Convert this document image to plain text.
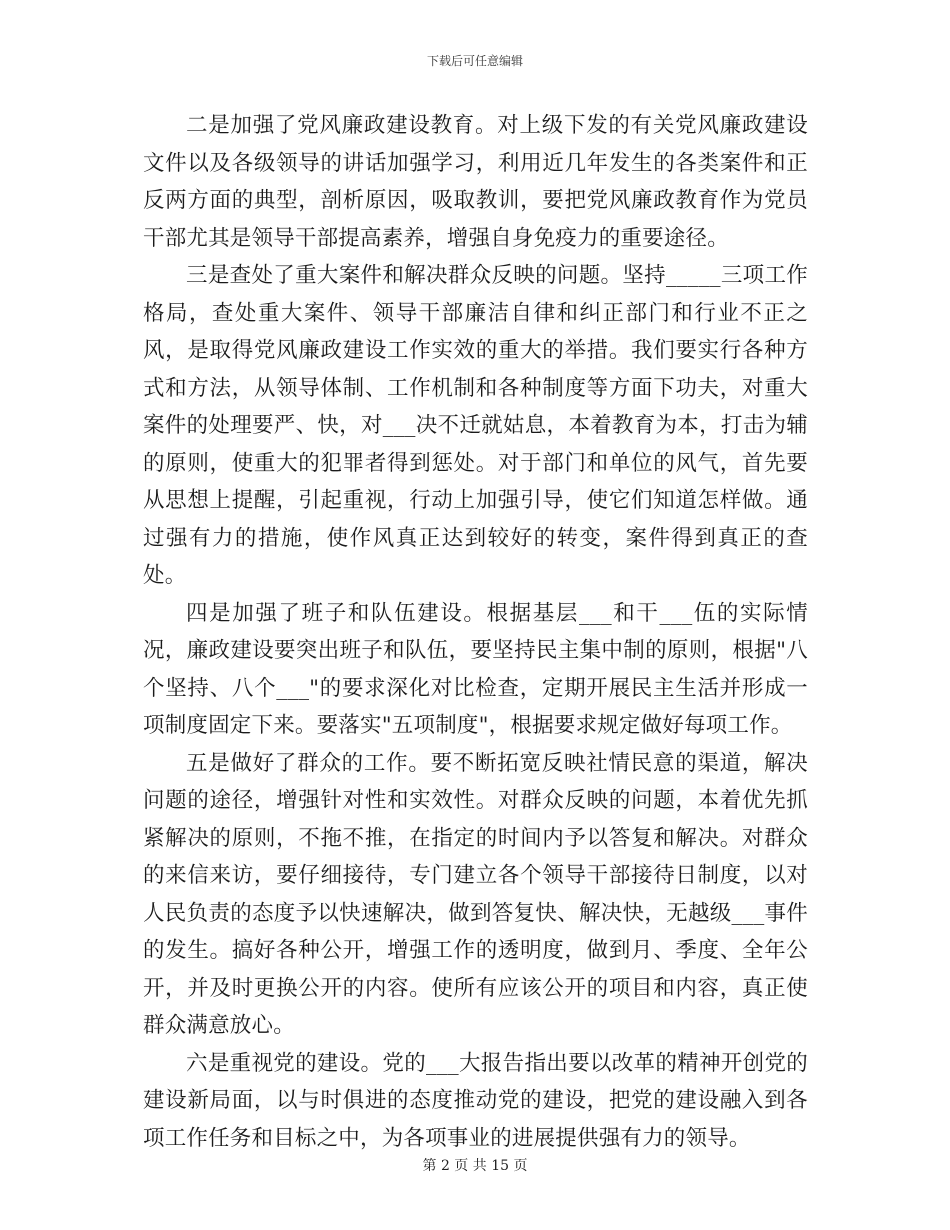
下载后可任意编辑

二是加强了党风廉政建设教育。对上级下发的有关党风廉政建设文件以及各级领导的讲话加强学习，利用近几年发生的各类案件和正反两方面的典型，剖析原因，吸取教训，要把党风廉政教育作为党员干部尤其是领导干部提高素养，增强自身免疫力的重要途径。

三是查处了重大案件和解决群众反映的问题。坚持_____三项工作格局，查处重大案件、领导干部廉洁自律和纠正部门和行业不正之风，是取得党风廉政建设工作实效的重大的举措。我们要实行各种方式和方法，从领导体制、工作机制和各种制度等方面下功夫，对重大案件的处理要严、快，对___决不迁就姑息，本着教育为本，打击为辅的原则，使重大的犯罪者得到惩处。对于部门和单位的风气，首先要从思想上提醒，引起重视，行动上加强引导，使它们知道怎样做。通过强有力的措施，使作风真正达到较好的转变，案件得到真正的查处。

四是加强了班子和队伍建设。根据基层___和干___伍的实际情况，廉政建设要突出班子和队伍，要坚持民主集中制的原则，根据"八个坚持、八个___"的要求深化对比检查，定期开展民主生活并形成一项制度固定下来。要落实"五项制度"，根据要求规定做好每项工作。

五是做好了群众的工作。要不断拓宽反映社情民意的渠道，解决问题的途径，增强针对性和实效性。对群众反映的问题，本着优先抓紧解决的原则，不拖不推，在指定的时间内予以答复和解决。对群众的来信来访，要仔细接待，专门建立各个领导干部接待日制度，以对人民负责的态度予以快速解决，做到答复快、解决快，无越级___事件的发生。搞好各种公开，增强工作的透明度，做到月、季度、全年公开，并及时更换公开的内容。使所有应该公开的项目和内容，真正使群众满意放心。

六是重视党的建设。党的___大报告指出要以改革的精神开创党的建设新局面，以与时俱进的态度推动党的建设，把党的建设融入到各项工作任务和目标之中，为各项事业的进展提供强有力的领导。

第 2 页 共 15 页
